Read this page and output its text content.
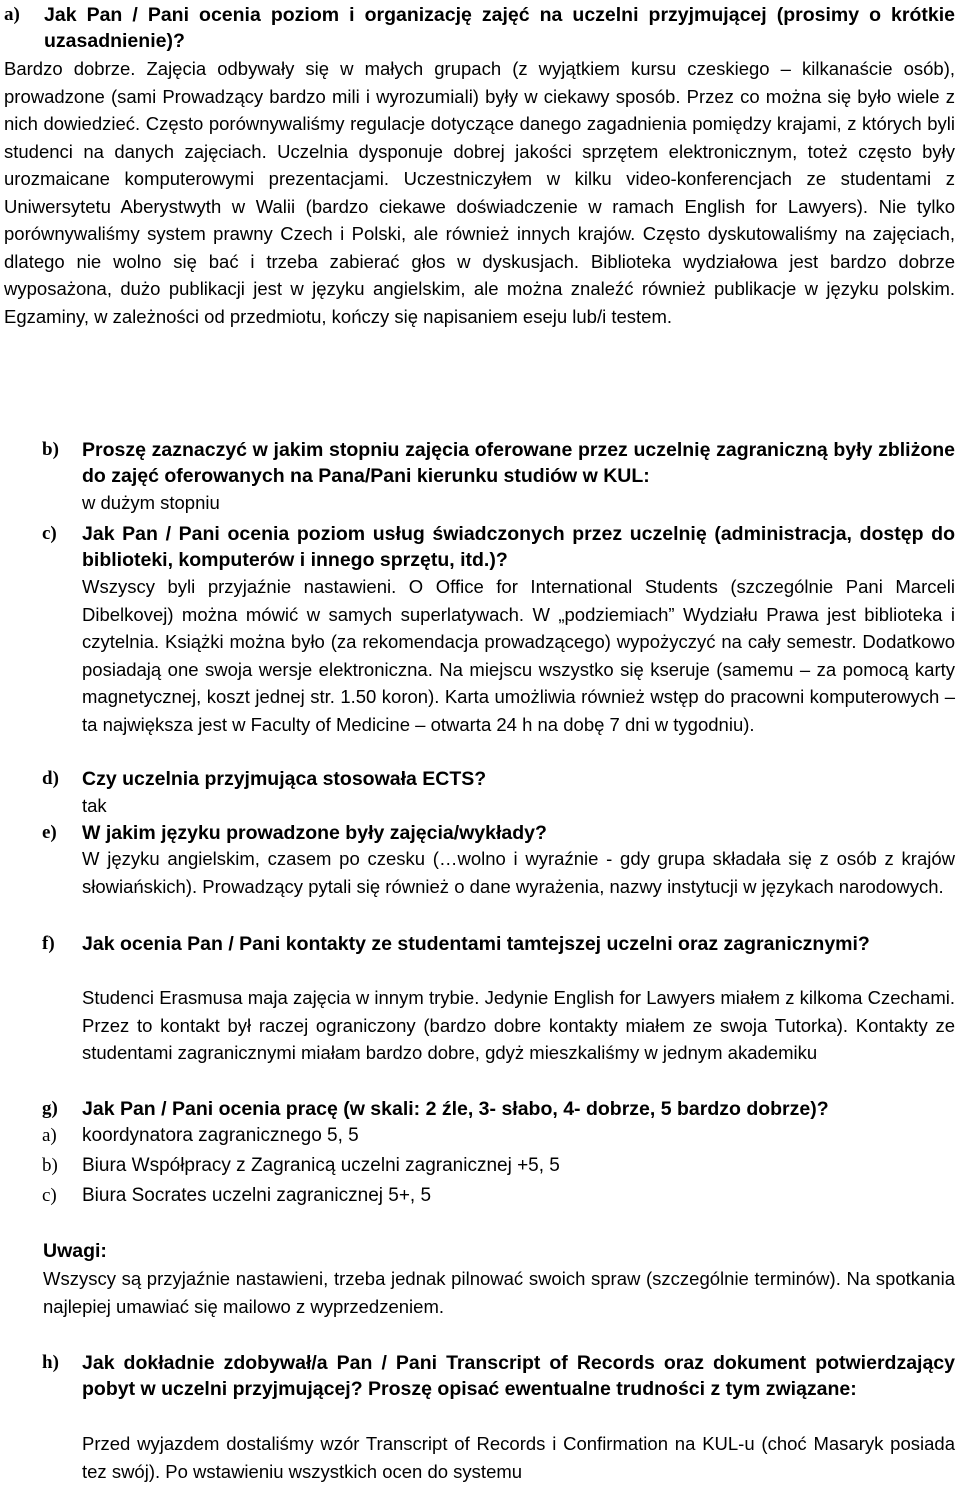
a) Jak Pan / Pani ocenia poziom i organizację zajęć na uczelni przyjmującej (prosimy o krótkie uzasadnienie)?

Bardzo dobrze. Zajęcia odbywały się w małych grupach (z wyjątkiem kursu czeskiego – kilkanaście osób), prowadzone (sami Prowadzący bardzo mili i wyrozumiali) były w ciekawy sposób. Przez co można się było wiele z nich dowiedzieć. Często porównywaliśmy regulacje dotyczące danego zagadnienia pomiędzy krajami, z których byli studenci na danych zajęciach. Uczelnia dysponuje dobrej jakości sprzętem elektronicznym, toteż często były urozmaicane komputerowymi prezentacjami. Uczestniczyłem w kilku video-konferencjach ze studentami z Uniwersytetu Aberystwyth w Walii (bardzo ciekawe doświadczenie w ramach English for Lawyers). Nie tylko porównywaliśmy system prawny Czech i Polski, ale również innych krajów. Często dyskutowaliśmy na zajęciach, dlatego nie wolno się bać i trzeba zabierać głos w dyskusjach. Biblioteka wydziałowa jest bardzo dobrze wyposażona, dużo publikacji jest w języku angielskim, ale można znaleźć również publikacje w języku polskim. Egzaminy, w zależności od przedmiotu, kończy się napisaniem eseju lub/i testem.

b) Proszę zaznaczyć w jakim stopniu zajęcia oferowane przez uczelnię zagraniczną były zbliżone do zajęć oferowanych na Pana/Pani kierunku studiów w KUL:

w dużym stopniu

c) Jak Pan / Pani ocenia poziom usług świadczonych przez uczelnię (administracja, dostęp do biblioteki, komputerów i innego sprzętu, itd.)?

Wszyscy byli przyjaźnie nastawieni. O Office for International Students (szczególnie Pani Marceli Dibelkovej) można mówić w samych superlatywach. W „podziemiach” Wydziału Prawa jest biblioteka i czytelnia. Książki można było (za rekomendacja prowadzącego) wypożyczyć na cały semestr. Dodatkowo posiadają one swoja wersje elektroniczna. Na miejscu wszystko się kseruje (samemu – za pomocą karty magnetycznej, koszt jednej str. 1.50 koron). Karta umożliwia również wstęp do pracowni komputerowych – ta największa jest w Faculty of Medicine – otwarta 24 h na dobę 7 dni w tygodniu).

d) Czy uczelnia przyjmująca stosowała ECTS?

tak

e) W jakim języku prowadzone były zajęcia/wykłady?

W języku angielskim, czasem po czesku (…wolno i wyraźnie - gdy grupa składała się z osób z krajów słowiańskich). Prowadzący pytali się również o dane wyrażenia, nazwy instytucji w językach narodowych.

f) Jak ocenia Pan / Pani kontakty ze studentami tamtejszej uczelni oraz zagranicznymi?

Studenci Erasmusa maja zajęcia w innym trybie. Jedynie English for Lawyers miałem z kilkoma Czechami. Przez to kontakt był raczej ograniczony (bardzo dobre kontakty miałem ze swoja Tutorka). Kontakty ze studentami zagranicznymi miałam bardzo dobre, gdyż mieszkaliśmy w jednym akademiku

g) Jak Pan / Pani ocenia pracę (w skali: 2 źle, 3- słabo, 4- dobrze, 5 bardzo dobrze)?

a) koordynatora zagranicznego 5, 5
b) Biura Współpracy z Zagranicą uczelni zagranicznej +5, 5
c) Biura Socrates uczelni zagranicznej 5+, 5

Uwagi:

Wszyscy są przyjaźnie nastawieni, trzeba jednak pilnować swoich spraw (szczególnie terminów). Na spotkania najlepiej umawiać się mailowo z wyprzedzeniem.

h) Jak dokładnie zdobywał/a Pan / Pani Transcript of Records oraz dokument potwierdzający pobyt w uczelni przyjmującej? Proszę opisać ewentualne trudności z tym związane:

Przed wyjazdem dostaliśmy wzór Transcript of Records i Confirmation na KUL-u (choć Masaryk posiada tez swój). Po wstawieniu wszystkich ocen do systemu
